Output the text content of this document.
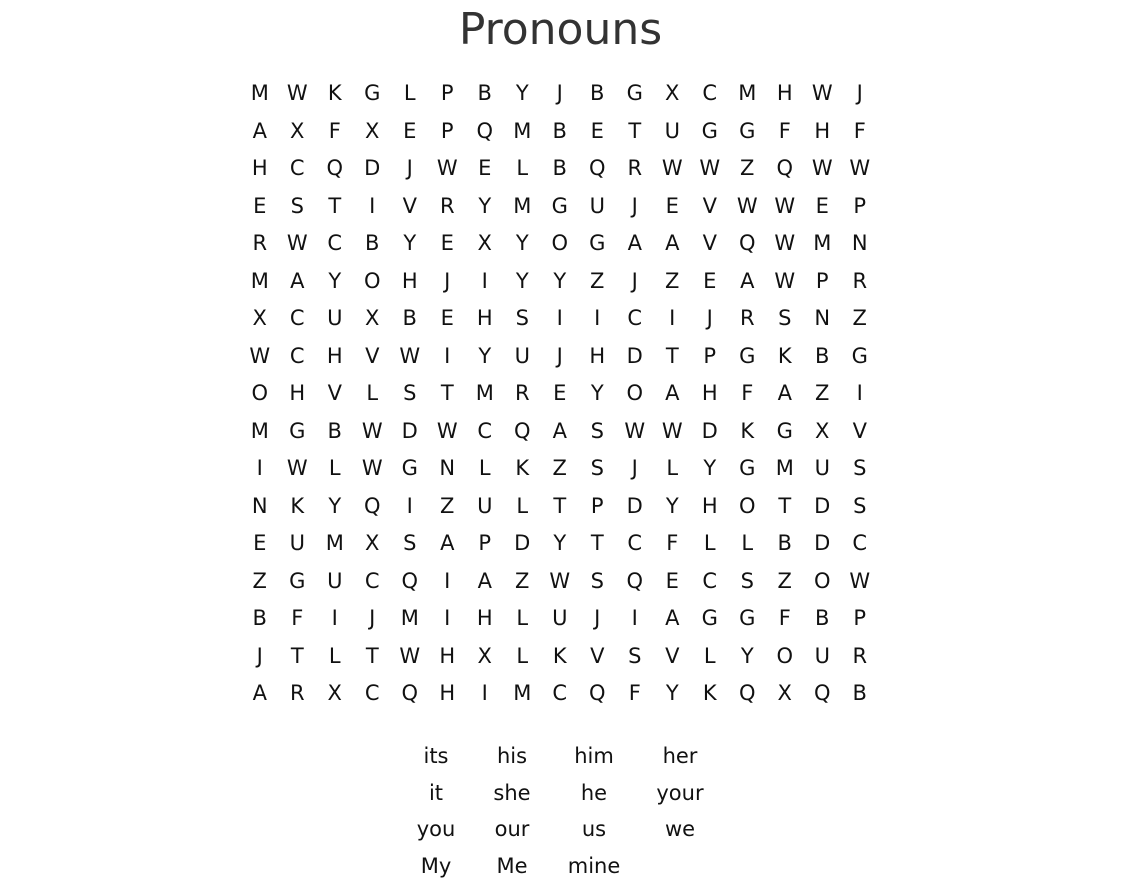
Pronouns
M W K	G	L	P	B	Y	J	B	G	X	C	M H W	J
A	X	F	X	E	P	Q M	B	E	T	U	G	G	F	H	F
H	C	Q	D	J	W E	L	B	Q	R W W Z	Q W W
E	S	T	I	V	R	Y	M G	U	J	E	V W W E	P
R W C	B	Y	E	X	Y	O	G	A	A	V	Q W M N
M	A	Y	O	H	J	I	Y	Y	Z	J	Z	E	A W P	R
X	C	U	X	B	E	H	S	I	I	C	I	J	R	S	N	Z
W C	H	V W	I	Y	U	J	H	D	T	P	G	K	B	G
O	H	V	L	S	T	M	R	E	Y	O	A	H	F	A	Z	I
M G	B W D W C	Q	A	S W W D	K	G	X	V
I	W	L	W G	N	L	K	Z	S	J	L	Y	G M U	S
N	K	Y	Q	I	Z	U	L	T	P	D	Y	H	O	T	D	S
E	U M	X	S	A	P	D	Y	T	C	F	L	L	B	D	C
Z	G	U	C	Q	I	A	Z W S	Q	E	C	S	Z	O W
B	F	I	J	M	I	H	L	U	J	I	A	G	G	F	B	P
J	T	L	T W H	X	L	K	V	S	V	L	Y	O	U	R
A	R	X	C	Q	H	I	M	C	Q	F	Y	K	Q	X	Q	B
its	his	him	her
it	she	he	your
you	our	us	we
My	Me	mine
